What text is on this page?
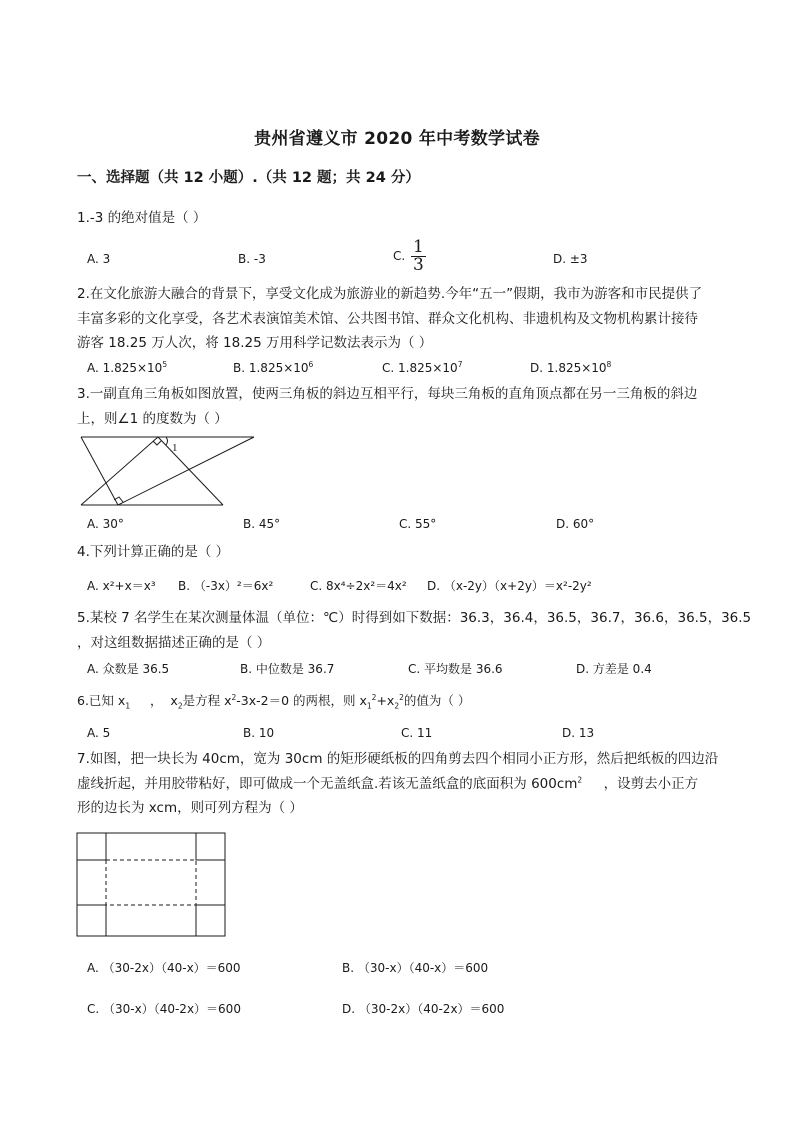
贵州省遵义市 2020 年中考数学试卷
一、选择题（共 12 小题）.（共 12 题；共 24 分）
1.-3 的绝对值是（ ）
A. 3	B. -3	C. $\frac{1}{3}$	D. ±3
2.在文化旅游大融合的背景下，享受文化成为旅游业的新趋势.今年“五一”假期，我市为游客和市民提供了
丰富多彩的文化享受，各艺术表演馆美术馆、公共图书馆、群众文化机构、非遗机构及文物机构累计接待
游客 18.25 万人次，将 18.25 万用科学记数法表示为（ ）
A. $1.825\times 10^5$	B. $1.825\times 10^6$	C. $1.825\times 10^7$	D. $1.825\times 10^8$
3.一副直角三角板如图放置，使两三角板的斜边互相平行，每块三角板的直角顶点都在另一三角板的斜边
上，则∠1 的度数为（ ）
1
A. 30°	B. 45°	C. 55°	D. 60°
4.下列计算正确的是（ ）
A. x²+x＝x³ B. （-3x）²＝6x²	C. 8x⁴÷2x²＝4x² D. （x-2y）（x+2y）＝x²-2y²
5.某校 7 名学生在某次测量体温（单位：℃）时得到如下数据：36.3，36.4，36.5，36.7，36.6，36.5，36.5
，对这组数据描述正确的是（ ）
A. 众数是 36.5	B. 中位数是 36.7	C. 平均数是 36.6	D. 方差是 0.4
6.已知 $x_1$     ，  $x_2$是方程 $x^2-3x-2=0$ 的两根，则 $x_1^2+x_2^2$的值为（ ）
A. 5	B. 10	C. 11	D. 13
7.如图，把一块长为 40cm，宽为 30cm 的矩形硬纸板的四角剪去四个相同小正方形，然后把纸板的四边沿
虚线折起，并用胶带粘好，即可做成一个无盖纸盒.若该无盖纸盒的底面积为 $600cm^2$     ，设剪去小正方
形的边长为 xcm，则可列方程为（ ）
A. （30-2x）（40-x）＝600	B. （30-x）（40-x）＝600
C. （30-x）（40-2x）＝600	D. （30-2x）（40-2x）＝600
